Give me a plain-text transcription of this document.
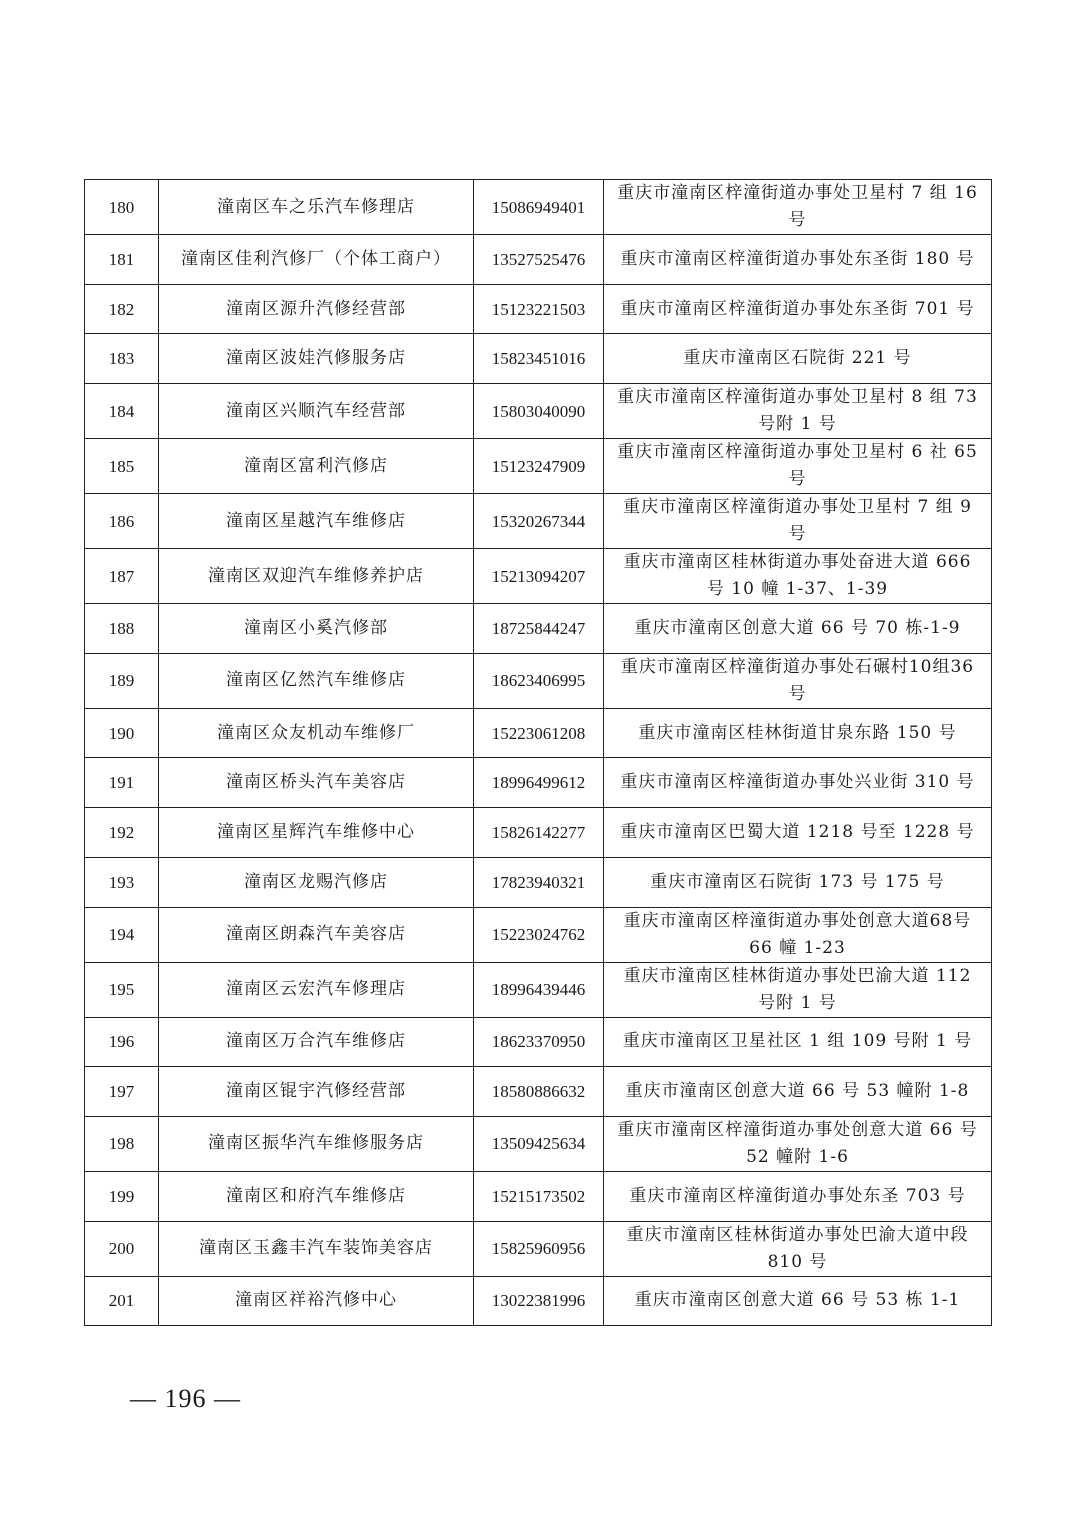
180	潼南区车之乐汽车修理店	15086949401	重庆市潼南区梓潼街道办事处卫星村 7 组 16 号
181	潼南区佳利汽修厂（个体工商户）	13527525476	重庆市潼南区梓潼街道办事处东圣街 180 号
182	潼南区源升汽修经营部	15123221503	重庆市潼南区梓潼街道办事处东圣街 701 号
183	潼南区波娃汽修服务店	15823451016	重庆市潼南区石院街 221 号
184	潼南区兴顺汽车经营部	15803040090	重庆市潼南区梓潼街道办事处卫星村 8 组 73 号附 1 号
185	潼南区富利汽修店	15123247909	重庆市潼南区梓潼街道办事处卫星村 6 社 65 号
186	潼南区星越汽车维修店	15320267344	重庆市潼南区梓潼街道办事处卫星村 7 组 9 号
187	潼南区双迎汽车维修养护店	15213094207	重庆市潼南区桂林街道办事处奋进大道 666 号 10 幢 1-37、1-39
188	潼南区小奚汽修部	18725844247	重庆市潼南区创意大道 66 号 70 栋-1-9
189	潼南区亿然汽车维修店	18623406995	重庆市潼南区梓潼街道办事处石碾村10组36号
190	潼南区众友机动车维修厂	15223061208	重庆市潼南区桂林街道甘泉东路 150 号
191	潼南区桥头汽车美容店	18996499612	重庆市潼南区梓潼街道办事处兴业街 310 号
192	潼南区星辉汽车维修中心	15826142277	重庆市潼南区巴蜀大道 1218 号至 1228 号
193	潼南区龙赐汽修店	17823940321	重庆市潼南区石院街 173 号 175 号
194	潼南区朗森汽车美容店	15223024762	重庆市潼南区梓潼街道办事处创意大道68号 66 幢 1-23
195	潼南区云宏汽车修理店	18996439446	重庆市潼南区桂林街道办事处巴渝大道 112 号附 1 号
196	潼南区万合汽车维修店	18623370950	重庆市潼南区卫星社区 1 组 109 号附 1 号
197	潼南区锟宇汽修经营部	18580886632	重庆市潼南区创意大道 66 号 53 幢附 1-8
198	潼南区振华汽车维修服务店	13509425634	重庆市潼南区梓潼街道办事处创意大道 66 号 52 幢附 1-6
199	潼南区和府汽车维修店	15215173502	重庆市潼南区梓潼街道办事处东圣 703 号
200	潼南区玉鑫丰汽车装饰美容店	15825960956	重庆市潼南区桂林街道办事处巴渝大道中段 810 号
201	潼南区祥裕汽修中心	13022381996	重庆市潼南区创意大道 66 号 53 栋 1-1
— 196 —
